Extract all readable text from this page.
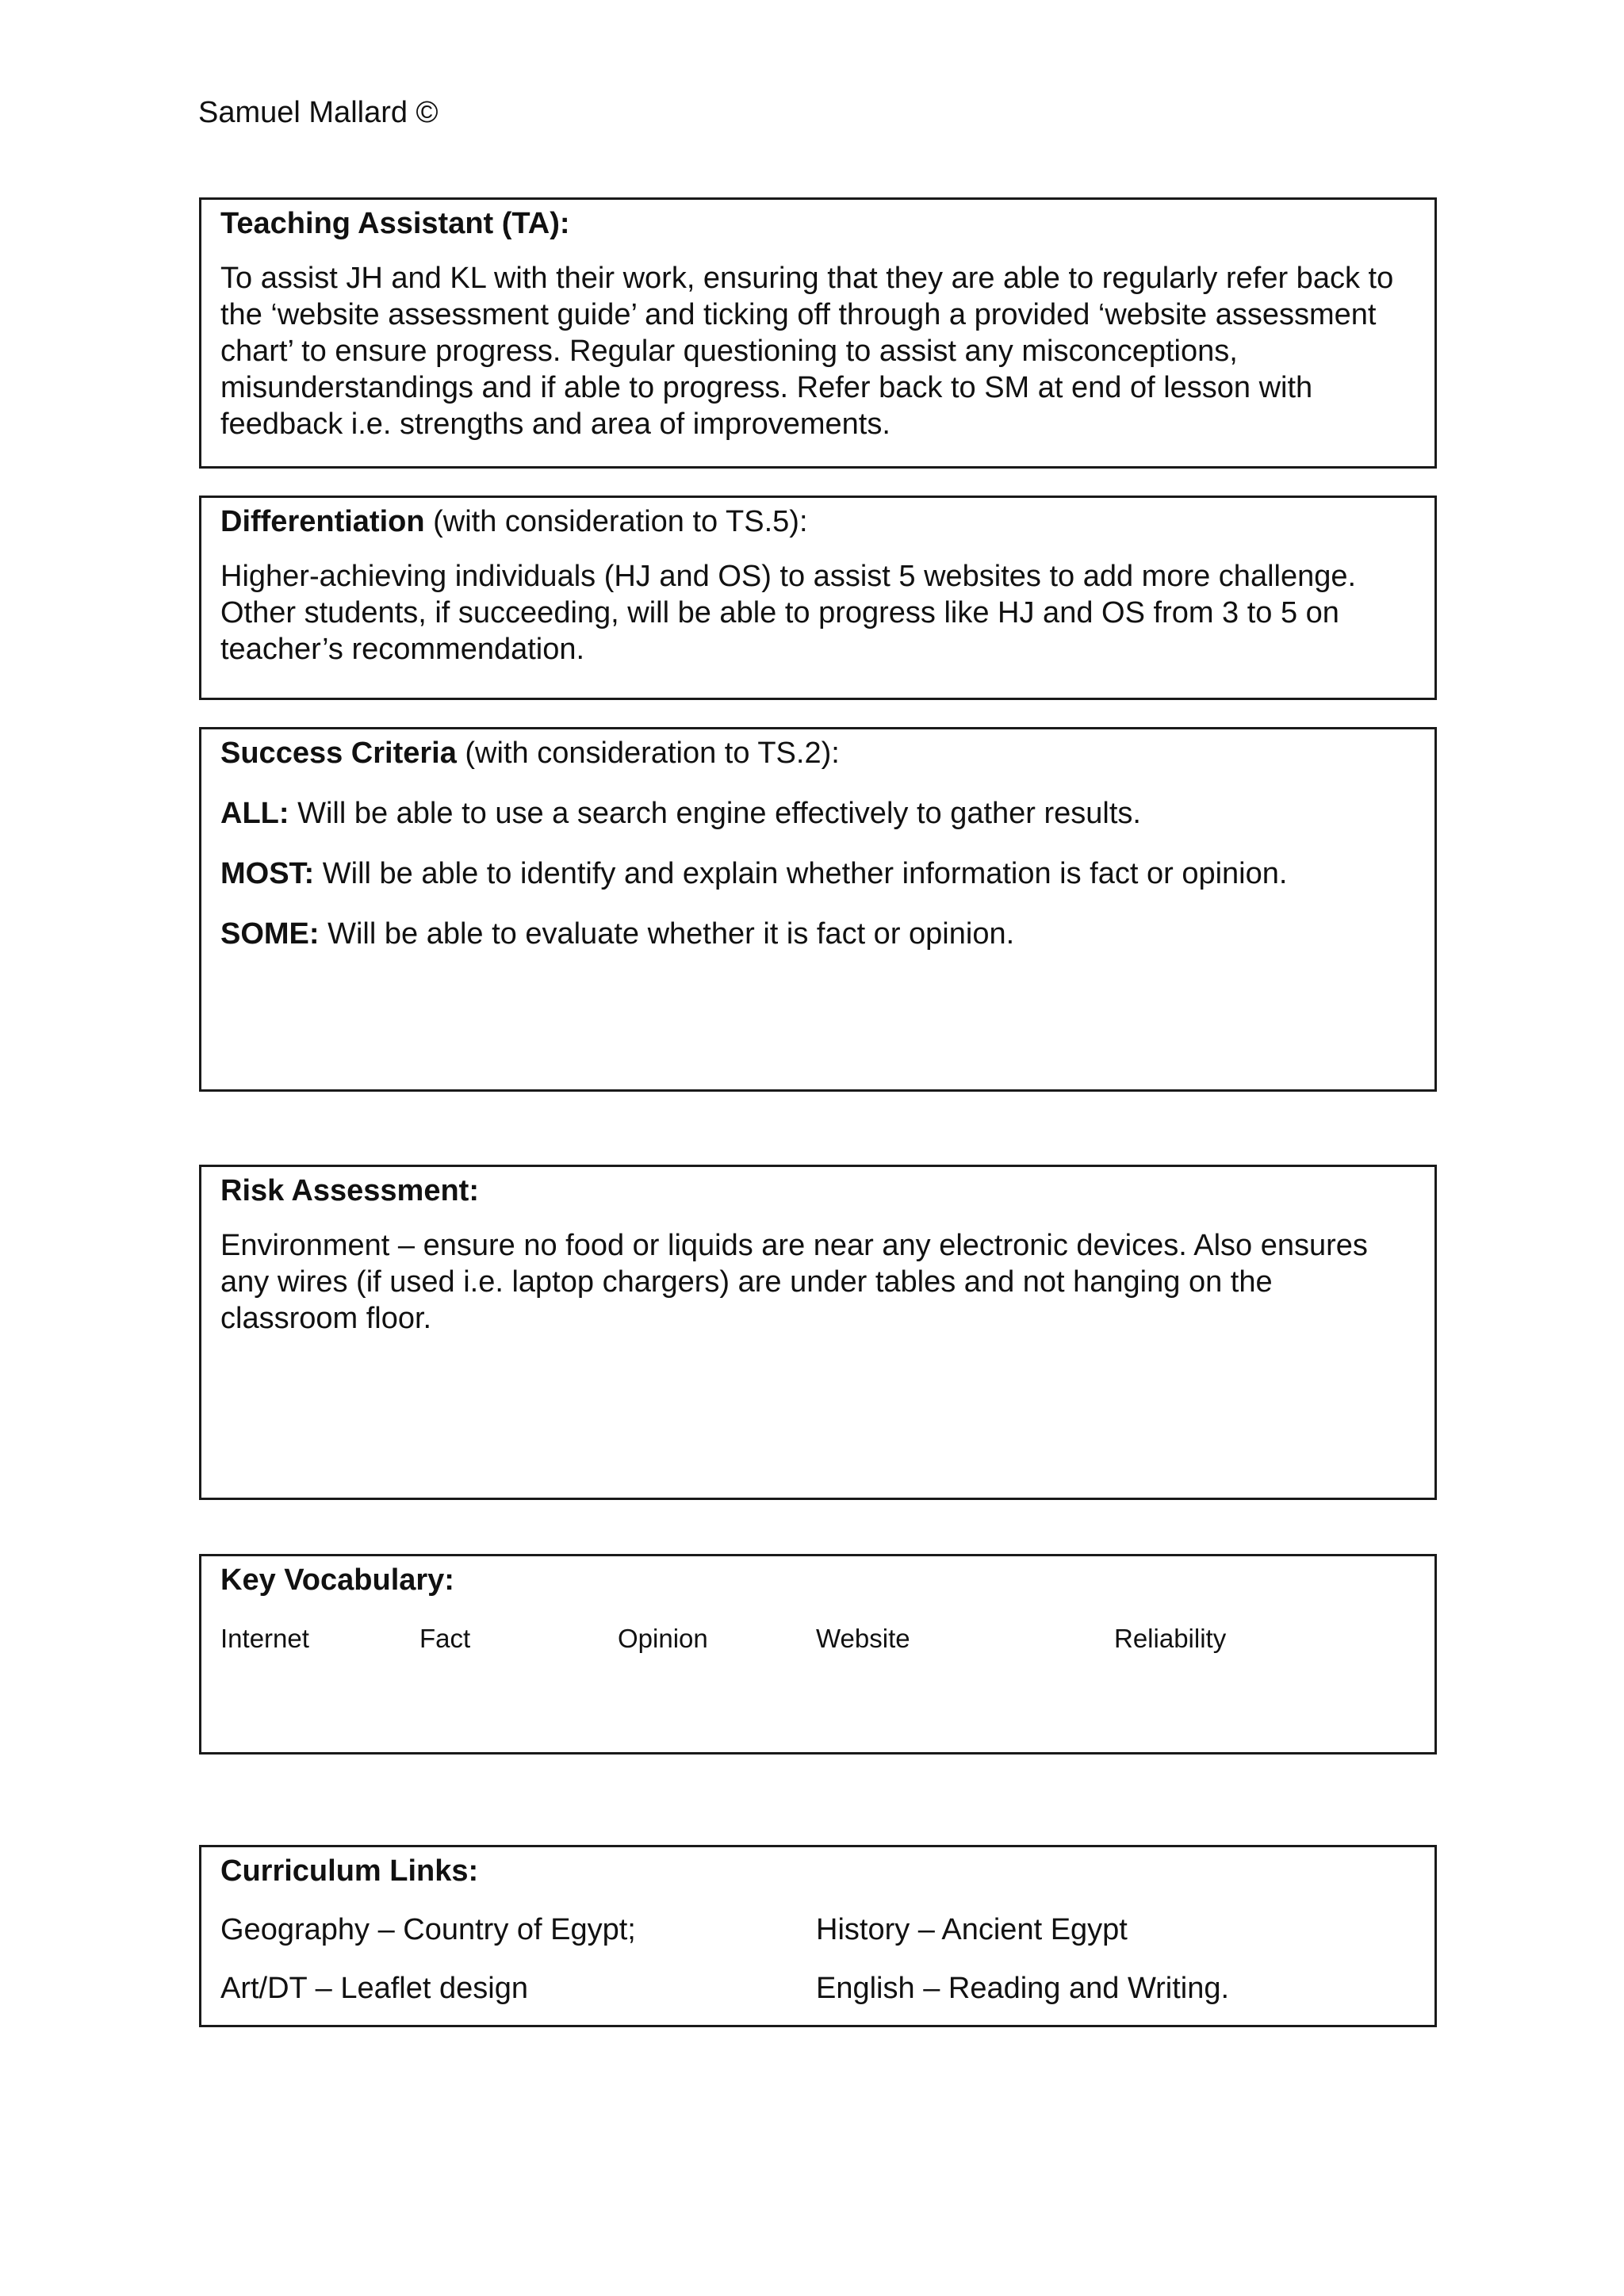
Samuel Mallard ©
Teaching Assistant (TA):
To assist JH and KL with their work, ensuring that they are able to regularly refer back to
the ‘website assessment guide’ and ticking off through a provided ‘website assessment
chart’ to ensure progress. Regular questioning to assist any misconceptions,
misunderstandings and if able to progress. Refer back to SM at end of lesson with
feedback i.e. strengths and area of improvements.
Differentiation (with consideration to TS.5):
Higher-achieving individuals (HJ and OS) to assist 5 websites to add more challenge.
Other students, if succeeding, will be able to progress like HJ and OS from 3 to 5 on
teacher’s recommendation.
Success Criteria (with consideration to TS.2):
ALL: Will be able to use a search engine effectively to gather results.
MOST: Will be able to identify and explain whether information is fact or opinion.
SOME: Will be able to evaluate whether it is fact or opinion.
Risk Assessment:
Environment – ensure no food or liquids are near any electronic devices. Also ensures
any wires (if used i.e. laptop chargers) are under tables and not hanging on the
classroom floor.
Key Vocabulary:
Internet	Fact	Opinion	Website	Reliability
Curriculum Links:
Geography – Country of Egypt;	History – Ancient Egypt
Art/DT – Leaflet design	English – Reading and Writing.
